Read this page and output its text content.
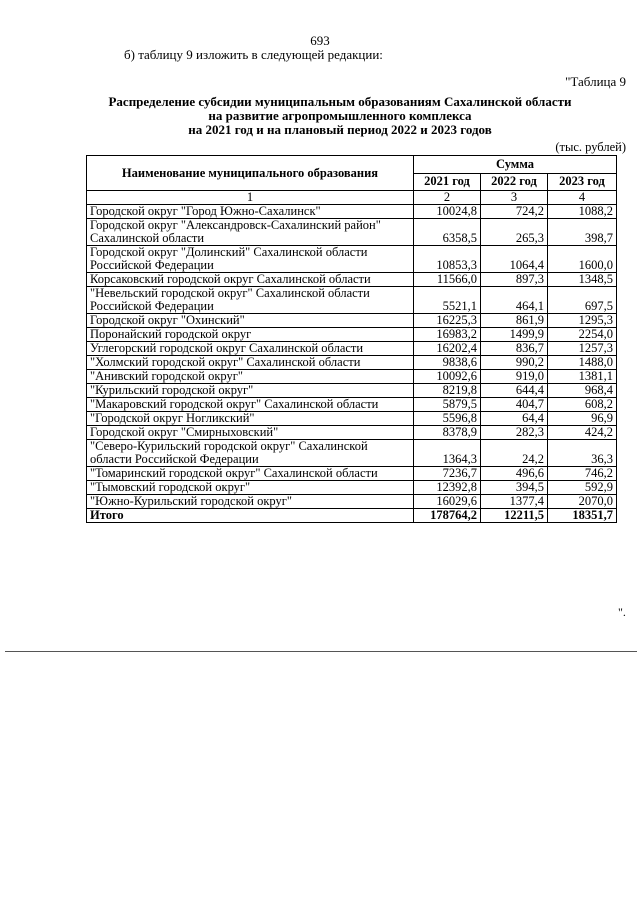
693
б) таблицу 9 изложить в следующей редакции:
"Таблица 9
Распределение субсидии муниципальным образованиям Сахалинской области
на развитие агропромышленного комплекса
на 2021 год и на плановый период 2022 и 2023 годов
(тыс. рублей)
Наименование муниципального образования	Сумма		
	2021 год	2022 год	2023 год
1	2	3	4
Городской округ "Город Южно-Сахалинск"	10024,8	724,2	1088,2
Городской округ "Александровск-Сахалинский район" Сахалинской области	6358,5	265,3	398,7
Городской округ "Долинский" Сахалинской области Российской Федерации	10853,3	1064,4	1600,0
Корсаковский городской округ Сахалинской области	11566,0	897,3	1348,5
"Невельский городской округ" Сахалинской области Российской Федерации	5521,1	464,1	697,5
Городской округ "Охинский"	16225,3	861,9	1295,3
Поронайский городской округ	16983,2	1499,9	2254,0
Углегорский городской округ Сахалинской области	16202,4	836,7	1257,3
"Холмский городской округ" Сахалинской области	9838,6	990,2	1488,0
"Анивский городской округ"	10092,6	919,0	1381,1
"Курильский городской округ"	8219,8	644,4	968,4
"Макаровский городской округ" Сахалинской области	5879,5	404,7	608,2
"Городской округ Ногликский"	5596,8	64,4	96,9
Городской округ "Смирныховский"	8378,9	282,3	424,2
"Северо-Курильский городской округ" Сахалинской области Российской Федерации	1364,3	24,2	36,3
"Томаринский городской округ" Сахалинской области	7236,7	496,6	746,2
"Тымовский городской округ"	12392,8	394,5	592,9
"Южно-Курильский городской округ"	16029,6	1377,4	2070,0
Итого	178764,2	12211,5	18351,7
".
